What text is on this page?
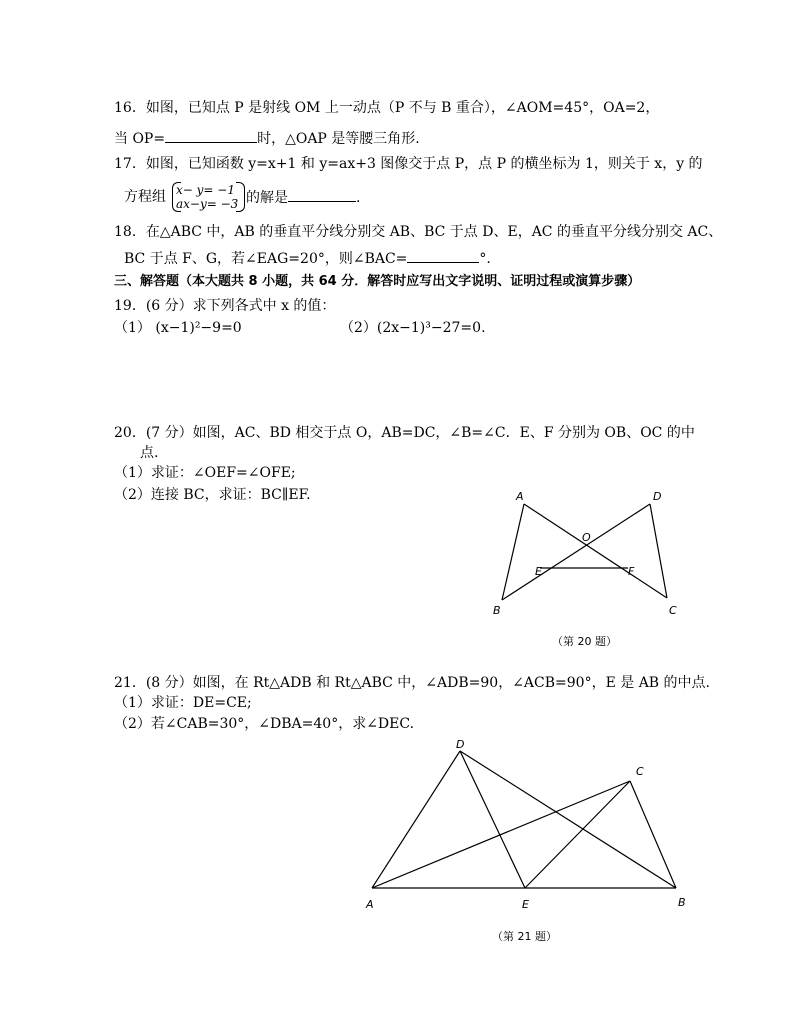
16．如图，已知点 P 是射线 OM 上一动点（P 不与 B 重合），∠AOM=45°，OA=2，
当 OP=	时，△OAP 是等腰三角形.
17．如图，已知函数 y=x+1 和 y=ax+3 图像交于点 P，点 P 的横坐标为 1，则关于 x，y 的
方程组 x− y= −1
ax−y= −3 的解是	.
18．在△ABC 中，AB 的垂直平分线分别交 AB、BC 于点 D、E，AC 的垂直平分线分别交 AC、
BC 于点 F、G，若∠EAG=20°，则∠BAC=	°.
三、解答题（本大题共 8 小题，共 64 分．解答时应写出文字说明、证明过程或演算步骤）
19．(6 分）求下列各式中 x 的值：
（1） (x−1)²−9=0	（2）(2x−1)³−27=0.
20．(7 分）如图，AC、BD 相交于点 O，AB=DC，∠B=∠C．E、F 分别为 OB、OC 的中
点.
（1）求证：∠OEF=∠OFE;
（2）连接 BC，求证：BC∥EF.	A	D
O
E	F
B	C
（第 20 题）
21．(8 分）如图，在 Rt△ADB 和 Rt△ABC 中，∠ADB=90，∠ACB=90°，E 是 AB 的中点.
（1）求证：DE=CE;
（2）若∠CAB=30°，∠DBA=40°，求∠DEC.
D
C
A	E	B
（第 21 题）
